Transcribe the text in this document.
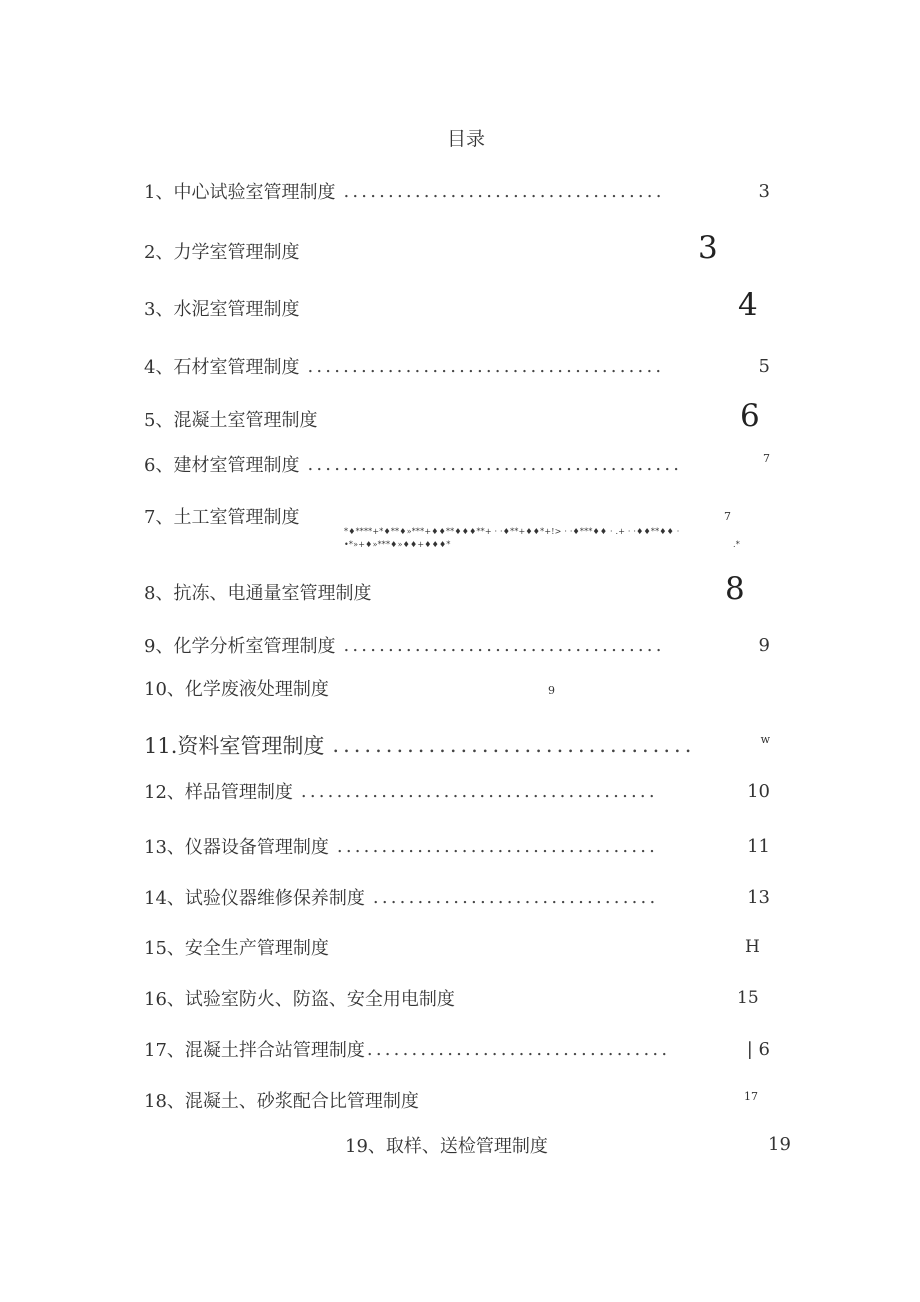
目录
1、中心试验室管理制度 ....................................	3
2、力学室管理制度	3
3、水泥室管理制度	4
4、石材室管理制度 ........................................	5
5、混凝土室管理制度	6
6、建材室管理制度 ..........................................	7
7、土工室管理制度	7
*♦****+*♦**♦»***+♦♦**♦♦♦**+ · ·♦**+♦♦*+!> · ·♦***♦♦ · .+ · ·♦♦**♦♦ ·
•*»+♦»***♦»♦♦+♦♦♦*	.*
8、抗冻、电通量室管理制度	8
9、化学分析室管理制度 ....................................	9
10、化学废液处理制度	9
11.资料室管理制度 ..................................	w
12、样品管理制度 ........................................	10
13、仪器设备管理制度 ....................................	11
14、试验仪器维修保养制度 ................................	13
15、安全生产管理制度	H
16、试验室防火、防盗、安全用电制度	15
17、混凝土拌合站管理制度 ..................................	| 6
18、混凝土、砂浆配合比管理制度	17
19、取样、送检管理制度	19
